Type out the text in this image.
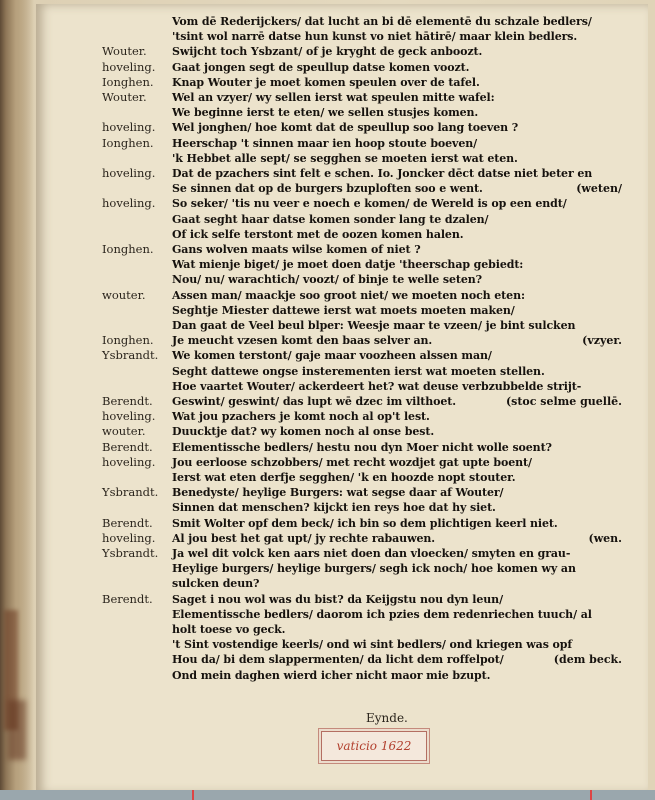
Vom dē Rederijckers/ dat lucht an bi dē elementē du schzale bedlers/
'tsint wol narrē datse hun kunst vo niet hātirē/ maar klein bedlers.
Wouter.	Swijcht toch Ysbzant/ of je kryght de geck anboozt.
hoveling.	Gaat jongen segt de speullup datse komen voozt.
Ionghen.	Knap Wouter je moet komen speulen over de tafel.
Wouter.	Wel an vzyer/ wy sellen ierst wat speulen mitte wafel:
We beginne ierst te eten/ we sellen stusjes komen.
hoveling.	Wel jonghen/ hoe komt dat de speullup soo lang toeven ?
Ionghen.	Heerschap 't sinnen maar ien hoop stoute boeven/
'k Hebbet alle sept/ se segghen se moeten ierst wat eten.
hoveling.	Dat de pzachers sint felt e schen. Io. Joncker dēct datse niet beter en
Se sinnen dat op de burgers bzuploften soo e went.	(weten/
hoveling.	So seker/ 'tis nu veer e noech e komen/ de Wereld is op een endt/
Gaat seght haar datse komen sonder lang te dzalen/
Of ick selfe terstont met de oozen komen halen.
Ionghen.	Gans wolven maats wilse komen of niet ?
Wat mienje biget/ je moet doen datje 'theerschap gebiedt:
Nou/ nu/ warachtich/ voozt/ of binje te welle seten?
wouter.	Assen man/ maackje soo groot niet/ we moeten noch eten:
Seghtje Miester dattewe ierst wat moets moeten maken/
Dan gaat de Veel beul blper: Weesje maar te vzeen/ je bint sulcken
Ionghen.	Je meucht vzesen komt den baas selver an.	(vzyer.
Ysbrandt.	We komen terstont/ gaje maar voozheen alssen man/
Seght dattewe ongse insterementen ierst wat moeten stellen.
Hoe vaartet Wouter/ ackerdeert het? wat deuse verbzubbelde strijt-
Berendt.	Geswint/ geswint/ das lupt wē dzec im vilthoet.	(stoc selme guellē.
hoveling.	Wat jou pzachers je komt noch al op't lest.
wouter.	Duucktje dat? wy komen noch al onse best.
Berendt.	Elementissche bedlers/ hestu nou dyn Moer nicht wolle soent?
hoveling.	Jou eerloose schzobbers/ met recht wozdjet gat upte boent/
Ierst wat eten derfje segghen/ 'k en hoozde nopt stouter.
Ysbrandt.	Benedyste/ heylige Burgers: wat segse daar af Wouter/
Sinnen dat menschen? kijckt ien reys hoe dat hy siet.
Berendt.	Smit Wolter opf dem beck/ ich bin so dem plichtigen keerl niet.
hoveling.	Al jou best het gat upt/ jy rechte rabauwen.	(wen.
Ysbrandt.	Ja wel dit volck ken aars niet doen dan vloecken/ smyten en grau-
Heylige burgers/ heylige burgers/ segh ick noch/ hoe komen wy an
sulcken deun?
Berendt.	Saget i nou wol was du bist? da Keijgstu nou dyn leun/
Elementissche bedlers/ daorom ich pzies dem redenriechen tuuch/ al
holt toese vo geck.
't Sint vostendige keerls/ ond wi sint bedlers/ ond kriegen was opf
Hou da/ bi dem slappermenten/ da licht dem roffelpot/	(dem beck.
Ond mein daghen wierd icher nicht maor mie bzupt.
Eynde.
vaticio 1622
